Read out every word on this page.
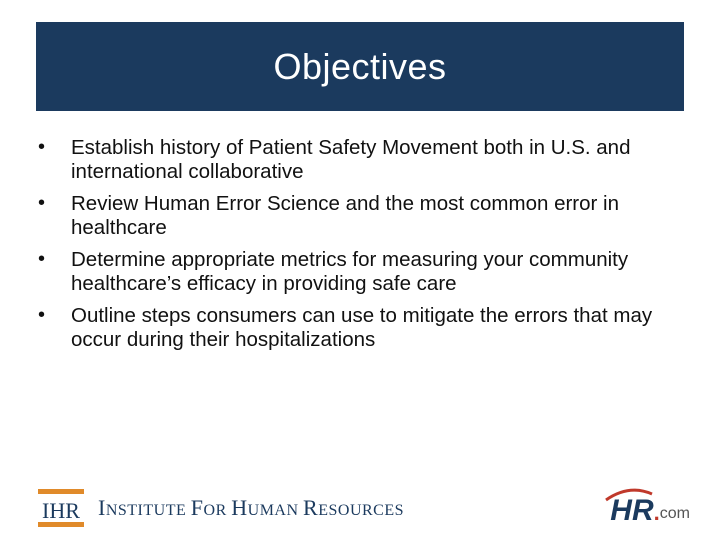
Objectives
• Establish history of Patient Safety Movement both in U.S. and international collaborative
• Review Human Error Science and the most common error in healthcare
• Determine appropriate metrics for measuring your community healthcare’s efficacy in providing safe care
• Outline steps consumers can use to mitigate the errors that may occur during their hospitalizations
IHR INSTITUTE FOR HUMAN RESOURCES	HR . com
